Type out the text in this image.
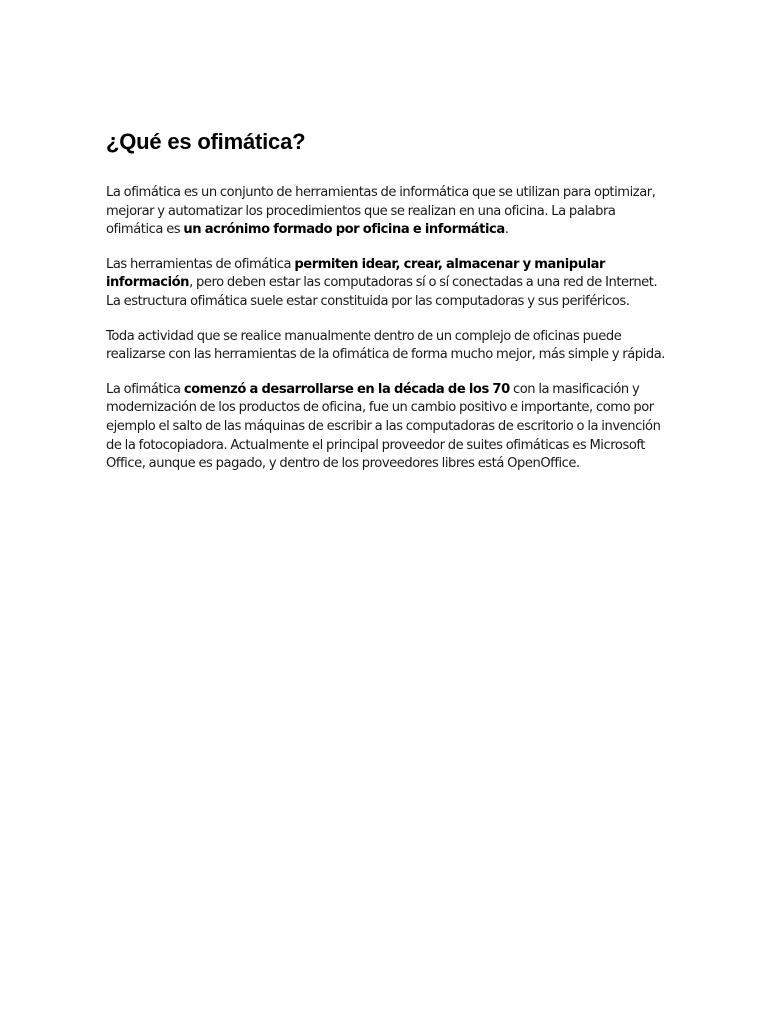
¿Qué es ofimática?

La ofimática es un conjunto de herramientas de informática que se utilizan para optimizar, mejorar y automatizar los procedimientos que se realizan en una oficina. La palabra ofimática es un acrónimo formado por oficina e informática.

Las herramientas de ofimática permiten idear, crear, almacenar y manipular información, pero deben estar las computadoras sí o sí conectadas a una red de Internet. La estructura ofimática suele estar constituida por las computadoras y sus periféricos.

Toda actividad que se realice manualmente dentro de un complejo de oficinas puede realizarse con las herramientas de la ofimática de forma mucho mejor, más simple y rápida.

La ofimática comenzó a desarrollarse en la década de los 70 con la masificación y modernización de los productos de oficina, fue un cambio positivo e importante, como por ejemplo el salto de las máquinas de escribir a las computadoras de escritorio o la invención de la fotocopiadora. Actualmente el principal proveedor de suites ofimáticas es Microsoft Office, aunque es pagado, y dentro de los proveedores libres está OpenOffice.
